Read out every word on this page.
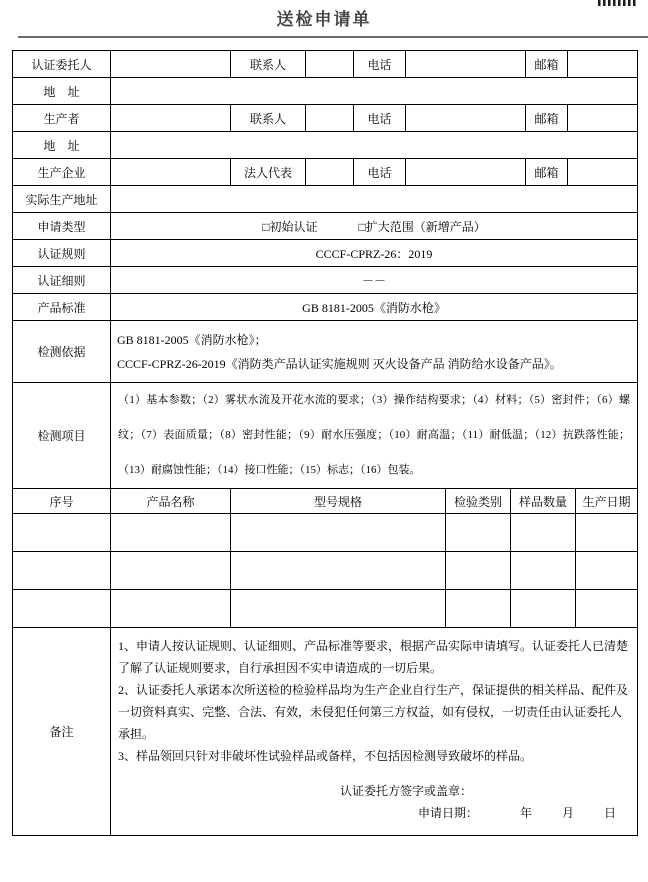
送检申请单
认证委托人		联系人		电话		邮箱	
地　址							
生产者		联系人		电话		邮箱	
地　址							
生产企业		法人代表		电话		邮箱	
实际生产地址							
申请类型	□初始认证 □扩大范围（新增产品）						
认证规则	CCCF-CPRZ-26：2019						
认证细则	－－						
产品标准	GB 8181-2005《消防水枪》						
检测依据	GB 8181-2005《消防水枪》；
CCCF-CPRZ-26-2019《消防类产品认证实施规则 灭火设备产品 消防给水设备产品》。						

检测项目	（1）基本参数；（2）雾状水流及开花水流的要求；（3）操作结构要求；（4）材料；（5）密封件；（6）螺纹；（7）表面质量；（8）密封性能；（9）耐水压强度；（10）耐高温；（11）耐低温；（12）抗跌落性能；（13）耐腐蚀性能；（14）接口性能；（15）标志；（16）包装。						
序号	产品名称	型号规格	检验类别	样品数量	生产日期

备注	
1、申请人按认证规则、认证细则、产品标准等要求，根据产品实际申请填写。认证委托人已清楚了解了认证规则要求，自行承担因不实申请造成的一切后果。
2、认证委托人承诺本次所送检的检验样品均为生产企业自行生产，保证提供的相关样品、配件及一切资料真实、完整、合法、有效，未侵犯任何第三方权益，如有侵权，一切责任由认证委托人承担。
3、样品领回只针对非破坏性试验样品或备样，不包括因检测导致破坏的样品。
认证委托方签字或盖章：
申请日期：	年	月	日
